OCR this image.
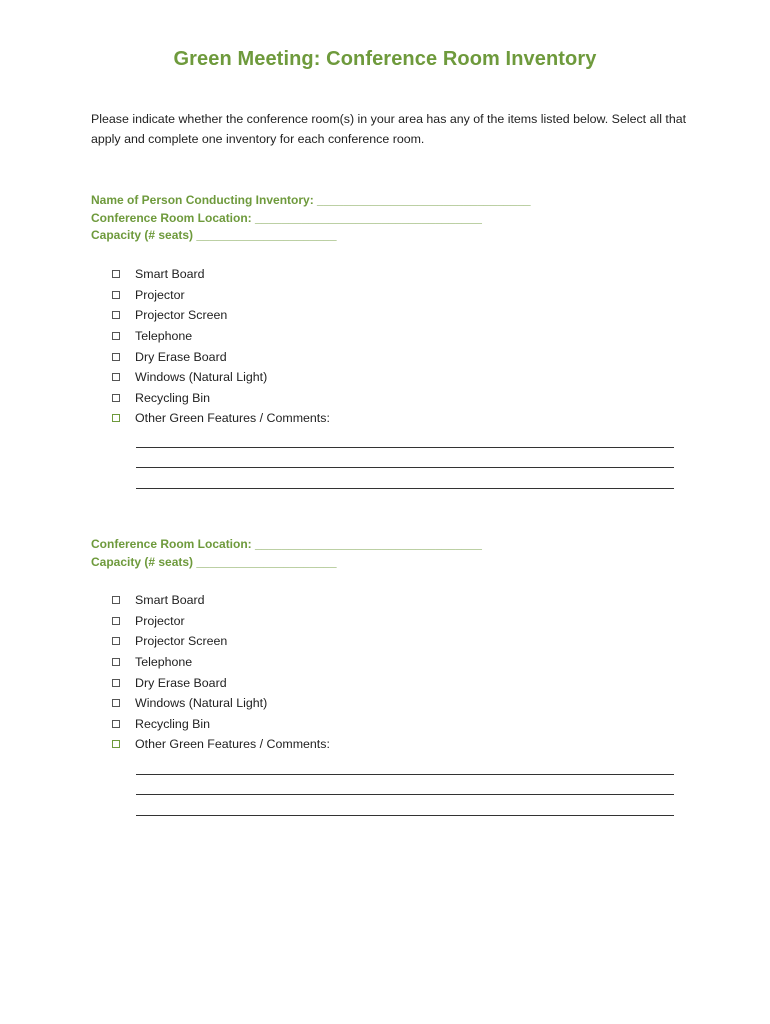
Green Meeting: Conference Room Inventory
Please indicate whether the conference room(s) in your area has any of the items listed below. Select all that apply and complete one inventory for each conference room.
Name of Person Conducting Inventory: ________________________________
Conference Room Location: __________________________________
Capacity (# seats) _____________________
Smart Board
Projector
Projector Screen
Telephone
Dry Erase Board
Windows (Natural Light)
Recycling Bin
Other Green Features / Comments:
Conference Room Location: __________________________________
Capacity (# seats) _____________________
Smart Board
Projector
Projector Screen
Telephone
Dry Erase Board
Windows (Natural Light)
Recycling Bin
Other Green Features / Comments:
